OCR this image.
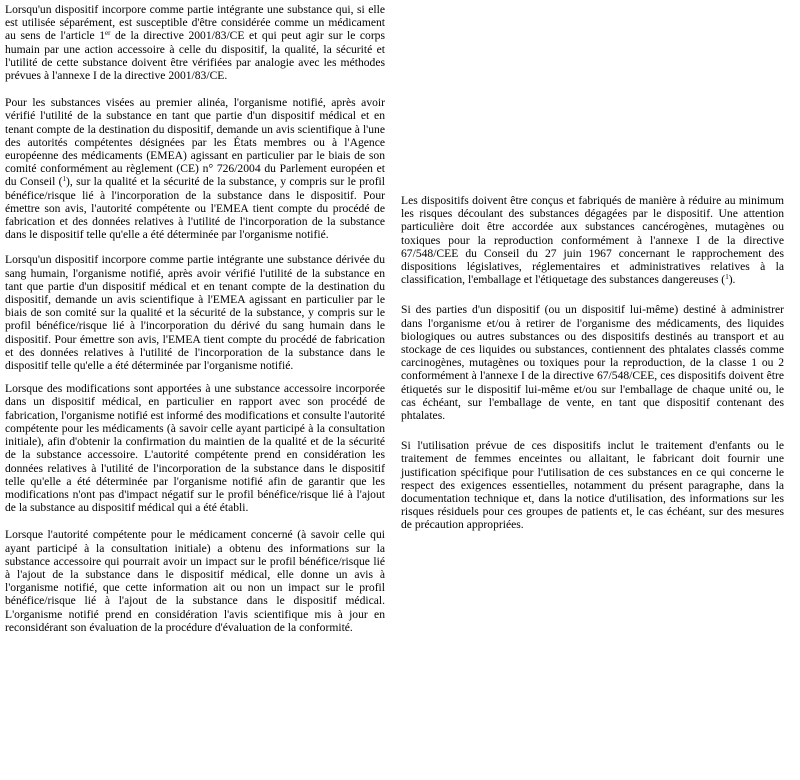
Lorsqu'un dispositif incorpore comme partie intégrante une substance qui, si elle est utilisée séparément, est susceptible d'être considérée comme un médicament au sens de l'article 1er de la directive 2001/83/CE et qui peut agir sur le corps humain par une action accessoire à celle du dispositif, la qualité, la sécurité et l'utilité de cette substance doivent être vérifiées par analogie avec les méthodes prévues à l'annexe I de la directive 2001/83/CE.

Pour les substances visées au premier alinéa, l'organisme notifié, après avoir vérifié l'utilité de la substance en tant que partie d'un dispositif médical et en tenant compte de la destination du dispositif, demande un avis scientifique à l'une des autorités compétentes désignées par les États membres ou à l'Agence européenne des médicaments (EMEA) agissant en particulier par le biais de son comité conformément au règlement (CE) n° 726/2004 du Parlement européen et du Conseil ($^1$), sur la qualité et la sécurité de la substance, y compris sur le profil bénéfice/risque lié à l'incorporation de la substance dans le dispositif. Pour émettre son avis, l'autorité compétente ou l'EMEA tient compte du procédé de fabrication et des données relatives à l'utilité de l'incorporation de la substance dans le dispositif telle qu'elle a été déterminée par l'organisme notifié.

Lorsqu'un dispositif incorpore comme partie intégrante une substance dérivée du sang humain, l'organisme notifié, après avoir vérifié l'utilité de la substance en tant que partie d'un dispositif médical et en tenant compte de la destination du dispositif, demande un avis scientifique à l'EMEA agissant en particulier par le biais de son comité sur la qualité et la sécurité de la substance, y compris sur le profil bénéfice/risque lié à l'incorporation du dérivé du sang humain dans le dispositif. Pour émettre son avis, l'EMEA tient compte du procédé de fabrication et des données relatives à l'utilité de l'incorporation de la substance dans le dispositif telle qu'elle a été déterminée par l'organisme notifié.

Lorsque des modifications sont apportées à une substance accessoire incorporée dans un dispositif médical, en particulier en rapport avec son procédé de fabrication, l'organisme notifié est informé des modifications et consulte l'autorité compétente pour les médicaments (à savoir celle ayant participé à la consultation initiale), afin d'obtenir la confirmation du maintien de la qualité et de la sécurité de la substance accessoire. L'autorité compétente prend en considération les données relatives à l'utilité de l'incorporation de la substance dans le dispositif telle qu'elle a été déterminée par l'organisme notifié afin de garantir que les modifications n'ont pas d'impact négatif sur le profil bénéfice/risque lié à l'ajout de la substance au dispositif médical qui a été établi.

Lorsque l'autorité compétente pour le médicament concerné (à savoir celle qui ayant participé à la consultation initiale) a obtenu des informations sur la substance accessoire qui pourrait avoir un impact sur le profil bénéfice/risque lié à l'ajout de la substance dans le dispositif médical, elle donne un avis à l'organisme notifié, que cette information ait ou non un impact sur le profil bénéfice/risque lié à l'ajout de la substance dans le dispositif médical. L'organisme notifié prend en considération l'avis scientifique mis à jour en reconsidérant son évaluation de la procédure d'évaluation de la conformité.

Les dispositifs doivent être conçus et fabriqués de manière à réduire au minimum les risques découlant des substances dégagées par le dispositif. Une attention particulière doit être accordée aux substances cancérogènes, mutagènes ou toxiques pour la reproduction conformément à l'annexe I de la directive 67/548/CEE du Conseil du 27 juin 1967 concernant le rapprochement des dispositions législatives, réglementaires et administratives relatives à la classification, l'emballage et l'étiquetage des substances dangereuses ($^1$).

Si des parties d'un dispositif (ou un dispositif lui-même) destiné à administrer dans l'organisme et/ou à retirer de l'organisme des médicaments, des liquides biologiques ou autres substances ou des dispositifs destinés au transport et au stockage de ces liquides ou substances, contiennent des phtalates classés comme carcinogènes, mutagènes ou toxiques pour la reproduction, de la classe 1 ou 2 conformément à l'annexe I de la directive 67/548/CEE, ces dispositifs doivent être étiquetés sur le dispositif lui-même et/ou sur l'emballage de chaque unité ou, le cas échéant, sur l'emballage de vente, en tant que dispositif contenant des phtalates.

Si l'utilisation prévue de ces dispositifs inclut le traitement d'enfants ou le traitement de femmes enceintes ou allaitant, le fabricant doit fournir une justification spécifique pour l'utilisation de ces substances en ce qui concerne le respect des exigences essentielles, notamment du présent paragraphe, dans la documentation technique et, dans la notice d'utilisation, des informations sur les risques résiduels pour ces groupes de patients et, le cas échéant, sur des mesures de précaution appropriées.
